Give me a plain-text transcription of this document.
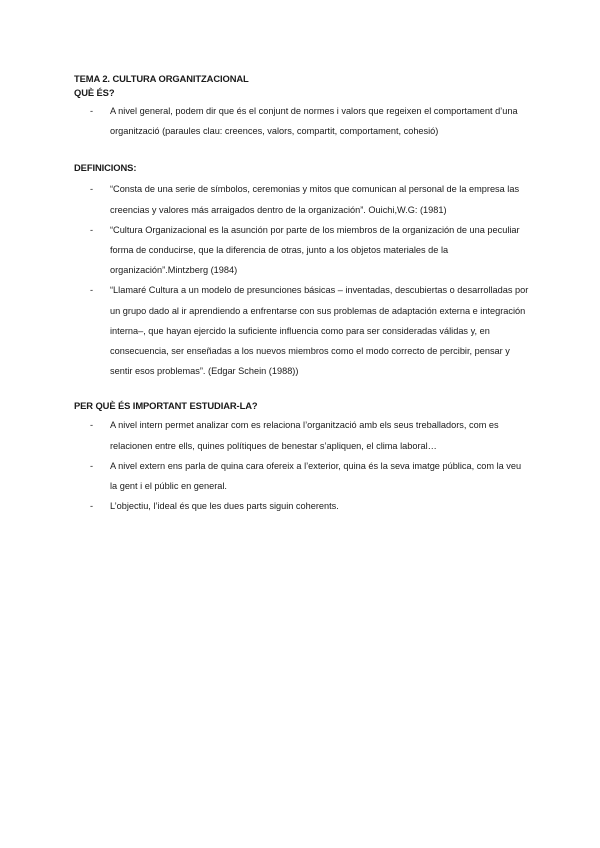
TEMA 2. CULTURA ORGANITZACIONAL
QUÈ ÉS?
- A nivel general, podem dir que és el conjunt de normes i valors que regeixen el comportament d’una organització (paraules clau: creences, valors, compartit, comportament, cohesió)
DEFINICIONS:
- “Consta de una serie de símbolos, ceremonias y mitos que comunican al personal de la empresa las creencias y valores más arraigados dentro de la organización”. Ouichi,W.G: (1981)
- “Cultura Organizacional es la asunción por parte de los miembros de la organización de una peculiar forma de conducirse, que la diferencia de otras, junto a los objetos materiales de la organización”.Mintzberg (1984)
- “Llamaré Cultura a un modelo de presunciones básicas – inventadas, descubiertas o desarrolladas por un grupo dado al ir aprendiendo a enfrentarse con sus problemas de adaptación externa e integración interna–, que hayan ejercido la suficiente influencia como para ser consideradas válidas y, en consecuencia, ser enseñadas a los nuevos miembros como el modo correcto de percibir, pensar y sentir esos problemas”. (Edgar Schein (1988))
PER QUÈ ÉS IMPORTANT ESTUDIAR-LA?
- A nivel intern permet analizar com es relaciona l’organització amb els seus treballadors, com es relacionen entre ells, quines polítiques de benestar s’apliquen, el clima laboral…
- A nivel extern ens parla de quina cara ofereix a l’exterior, quina és la seva imatge pública, com la veu la gent i el públic en general.
- L’objectiu, l’ideal és que les dues parts siguin coherents.
